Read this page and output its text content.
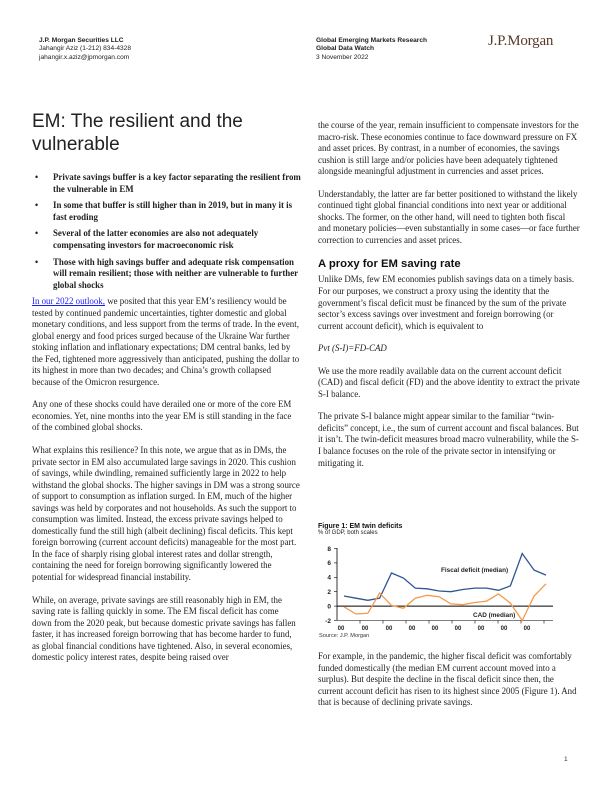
J.P. Morgan Securities LLC
Jahangir Aziz (1-212) 834-4328
jahangir.x.aziz@jpmorgan.com
Global Emerging Markets Research
Global Data Watch
3 November 2022
J.P.Morgan
EM: The resilient and the vulnerable
• Private savings buffer is a key factor separating the resilient from the vulnerable in EM
• In some that buffer is still higher than in 2019, but in many it is fast eroding
• Several of the latter economies are also not adequately compensating investors for macroeconomic risk
• Those with high savings buffer and adequate risk compensation will remain resilient; those with neither are vulnerable to further global shocks

In our 2022 outlook, we posited that this year EM’s resiliency would be tested by continued pandemic uncertainties, tighter domestic and global monetary conditions, and less support from the terms of trade. In the event, global energy and food prices surged because of the Ukraine War further stoking inflation and inflationary expectations; DM central banks, led by the Fed, tightened more aggressively than anticipated, pushing the dollar to its highest in more than two decades; and China’s growth collapsed because of the Omicron resurgence.

Any one of these shocks could have derailed one or more of the core EM economies. Yet, nine months into the year EM is still standing in the face of the combined global shocks.

What explains this resilience? In this note, we argue that as in DMs, the private sector in EM also accumulated large savings in 2020. This cushion of savings, while dwindling, remained sufficiently large in 2022 to help withstand the global shocks. The higher savings in DM was a strong source of support to consumption as inflation surged. In EM, much of the higher savings was held by corporates and not households. As such the support to consumption was limited. Instead, the excess private savings helped to domestically fund the still high (albeit declining) fiscal deficits. This kept foreign borrowing (current account deficits) manageable for the most part. In the face of sharply rising global interest rates and dollar strength, containing the need for foreign borrowing significantly lowered the potential for widespread financial instability.

While, on average, private savings are still reasonably high in EM, the saving rate is falling quickly in some. The EM fiscal deficit has come down from the 2020 peak, but because domestic private savings has fallen faster, it has increased foreign borrowing that has become harder to fund, as global financial conditions have tightened. Also, in several economies, domestic policy interest rates, despite being raised over

the course of the year, remain insufficient to compensate investors for the macro-risk. These economies continue to face downward pressure on FX and asset prices. By contrast, in a number of economies, the savings cushion is still large and/or policies have been adequately tightened alongside meaningful adjustment in currencies and asset prices.

Understandably, the latter are far better positioned to withstand the likely continued tight global financial conditions into next year or additional shocks. The former, on the other hand, will need to tighten both fiscal and monetary policies—even substantially in some cases—or face further correction to currencies and asset prices.

A proxy for EM saving rate

Unlike DMs, few EM economies publish savings data on a timely basis. For our purposes, we construct a proxy using the identity that the government’s fiscal deficit must be financed by the sum of the private sector’s excess savings over investment and foreign borrowing (or current account deficit), which is equivalent to

Pvt (S-I)=FD-CAD

We use the more readily available data on the current account deficit (CAD) and fiscal deficit (FD) and the above identity to extract the private S-I balance.

The private S-I balance might appear similar to the familiar “twin-deficits” concept, i.e., the sum of current account and fiscal balances. But it isn’t. The twin-deficit measures broad macro vulnerability, while the S-I balance focuses on the role of the private sector in intensifying or mitigating it.

Figure 1: EM twin deficits
% of GDP, both scales
8
6
4
2
0
-2
00	00	00	00	00	00	00	00	00
Fiscal deficit (median)
CAD (median)
Source: J.P. Morgan

For example, in the pandemic, the higher fiscal deficit was comfortably funded domestically (the median EM current account moved into a surplus). But despite the decline in the fiscal deficit since then, the current account deficit has risen to its highest since 2005 (Figure 1). And that is because of declining private savings.

1
